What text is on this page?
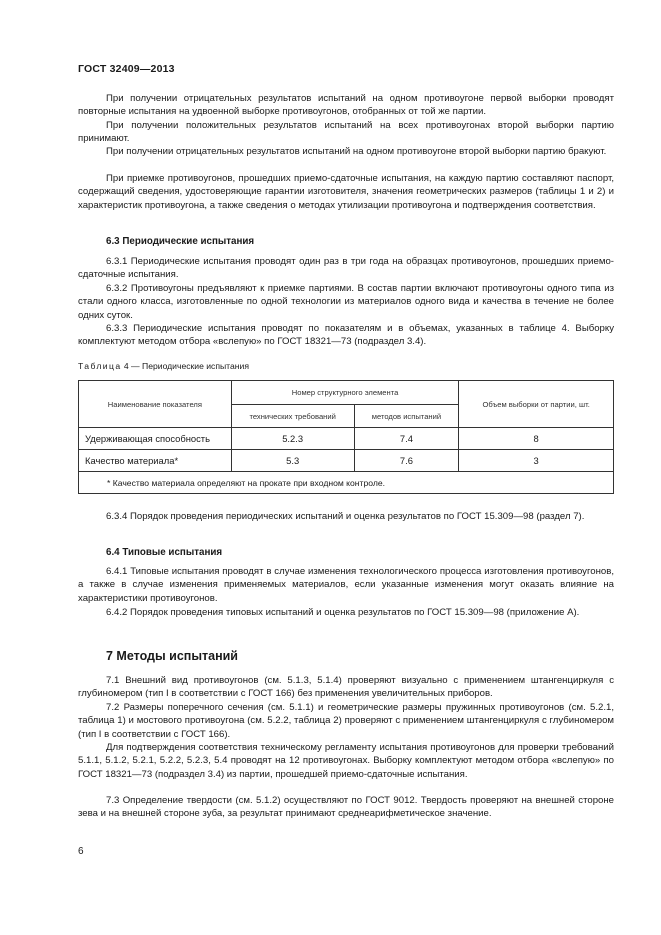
ГОСТ 32409—2013

При получении отрицательных результатов испытаний на одном противоугоне первой выборки проводят повторные испытания на удвоенной выборке противоугонов, отобранных от той же партии.

При получении положительных результатов испытаний на всех противоугонах второй выборки партию принимают.

При получении отрицательных результатов испытаний на одном противоугоне второй выборки партию бракуют.

При приемке противоугонов, прошедших приемо-сдаточные испытания, на каждую партию составляют паспорт, содержащий сведения, удостоверяющие гарантии изготовителя, значения геометрических размеров (таблицы 1 и 2) и характеристик противоугона, а также сведения о методах утилизации противоугона и подтверждения соответствия.

6.3 Периодические испытания

6.3.1 Периодические испытания проводят один раз в три года на образцах противоугонов, прошедших приемо-сдаточные испытания.

6.3.2 Противоугоны предъявляют к приемке партиями. В состав партии включают противоугоны одного типа из стали одного класса, изготовленные по одной технологии из материалов одного вида и качества в течение не более одних суток.

6.3.3 Периодические испытания проводят по показателям и в объемах, указанных в таблице 4. Выборку комплектуют методом отбора «вслепую» по ГОСТ 18321—73 (подраздел 3.4).

Таблица 4 — Периодические испытания
Наименование показателя	Номер структурного элемента		Объем выборки от партии, шт.
	технических требований	методов испытаний	
Удерживающая способность	5.2.3	7.4	8
Качество материала*	5.3	7.6	3
* Качество материала определяют на прокате при входном контроле.			

6.3.4 Порядок проведения периодических испытаний и оценка результатов по ГОСТ 15.309—98 (раздел 7).

6.4 Типовые испытания

6.4.1 Типовые испытания проводят в случае изменения технологического процесса изготовления противоугонов, а также в случае изменения применяемых материалов, если указанные изменения могут оказать влияние на характеристики противоугонов.

6.4.2 Порядок проведения типовых испытаний и оценка результатов по ГОСТ 15.309—98 (приложение А).

7 Методы испытаний

7.1 Внешний вид противоугонов (см. 5.1.3, 5.1.4) проверяют визуально с применением штангенциркуля с глубиномером (тип I в соответствии с ГОСТ 166) без применения увеличительных приборов.

7.2 Размеры поперечного сечения (см. 5.1.1) и геометрические размеры пружинных противоугонов (см. 5.2.1, таблица 1) и мостового противоугона (см. 5.2.2, таблица 2) проверяют с применением штангенциркуля с глубиномером (тип I в соответствии с ГОСТ 166).

Для подтверждения соответствия техническому регламенту испытания противоугонов для проверки требований 5.1.1, 5.1.2, 5.2.1, 5.2.2, 5.2.3, 5.4 проводят на 12 противоугонах. Выборку комплектуют методом отбора «вслепую» по ГОСТ 18321—73 (подраздел 3.4) из партии, прошедшей приемо-сдаточные испытания.

7.3 Определение твердости (см. 5.1.2) осуществляют по ГОСТ 9012. Твердость проверяют на внешней стороне зева и на внешней стороне зуба, за результат принимают среднеарифметическое значение.

6
